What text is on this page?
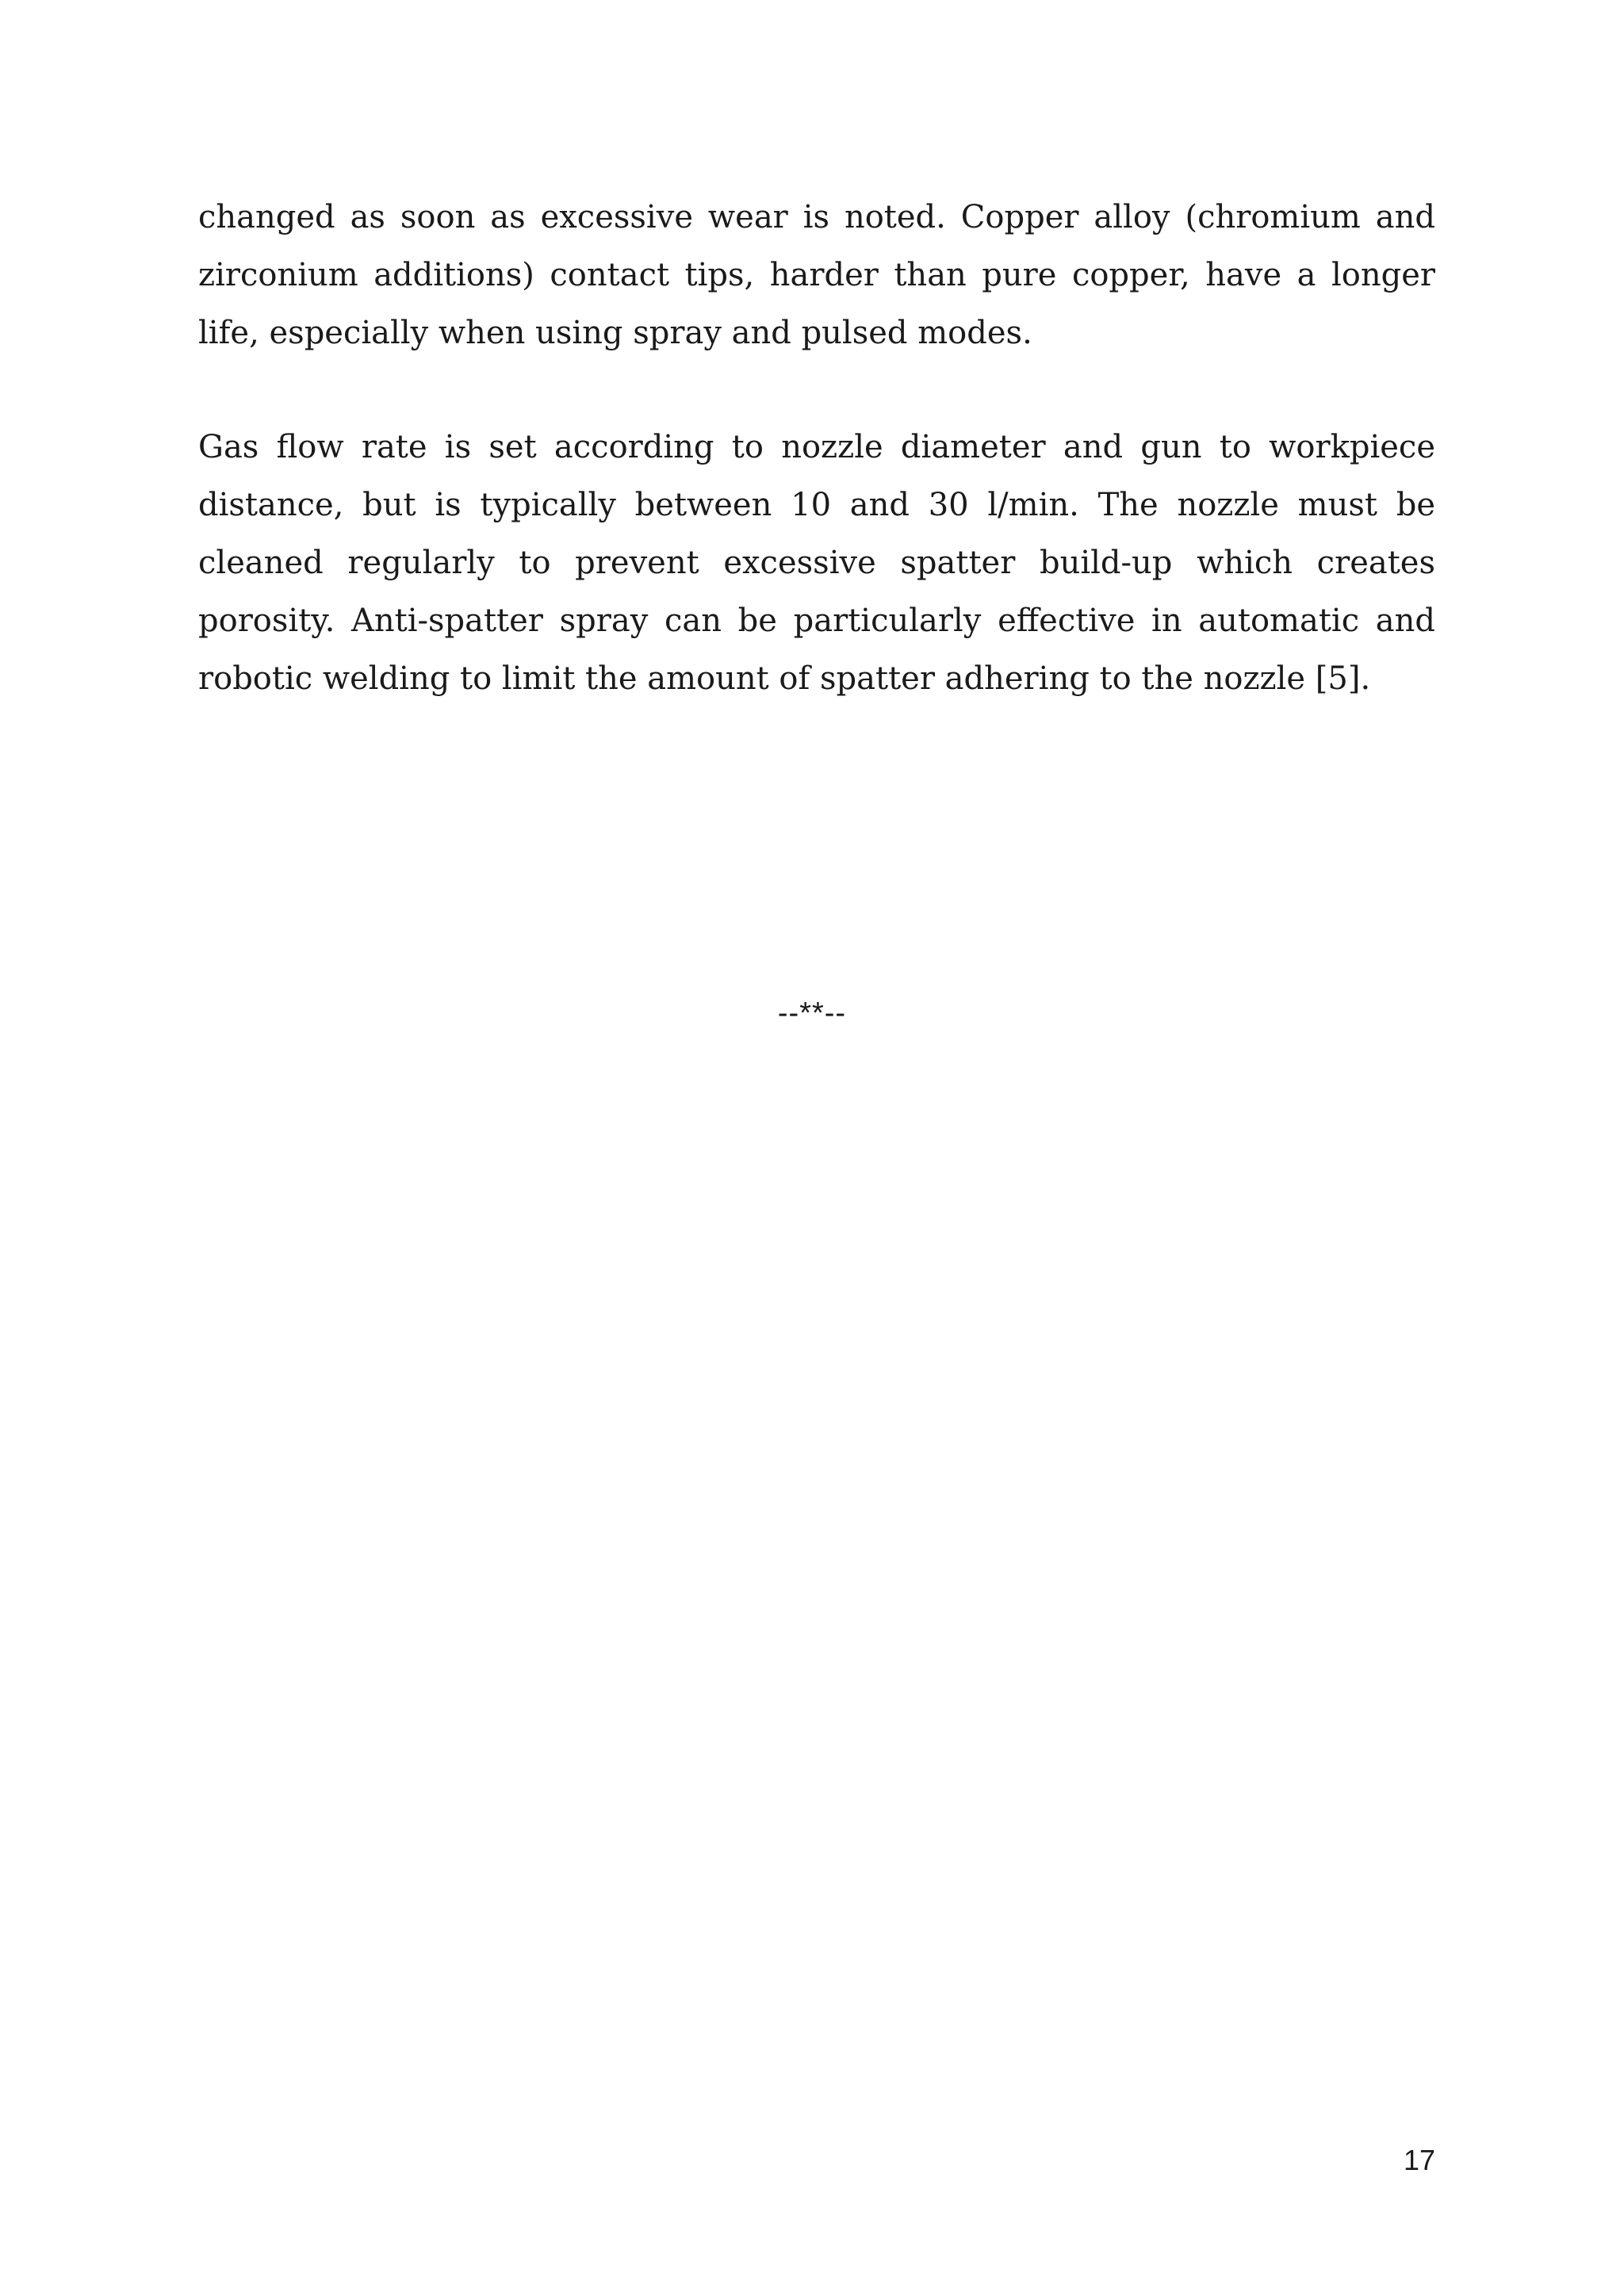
changed as soon as excessive wear is noted. Copper alloy (chromium and zirconium additions) contact tips, harder than pure copper, have a longer life, especially when using spray and pulsed modes.

Gas flow rate is set according to nozzle diameter and gun to workpiece distance, but is typically between 10 and 30 l/min. The nozzle must be cleaned regularly to prevent excessive spatter build-up which creates porosity. Anti-spatter spray can be particularly effective in automatic and robotic welding to limit the amount of spatter adhering to the nozzle [5].

--**--
17
